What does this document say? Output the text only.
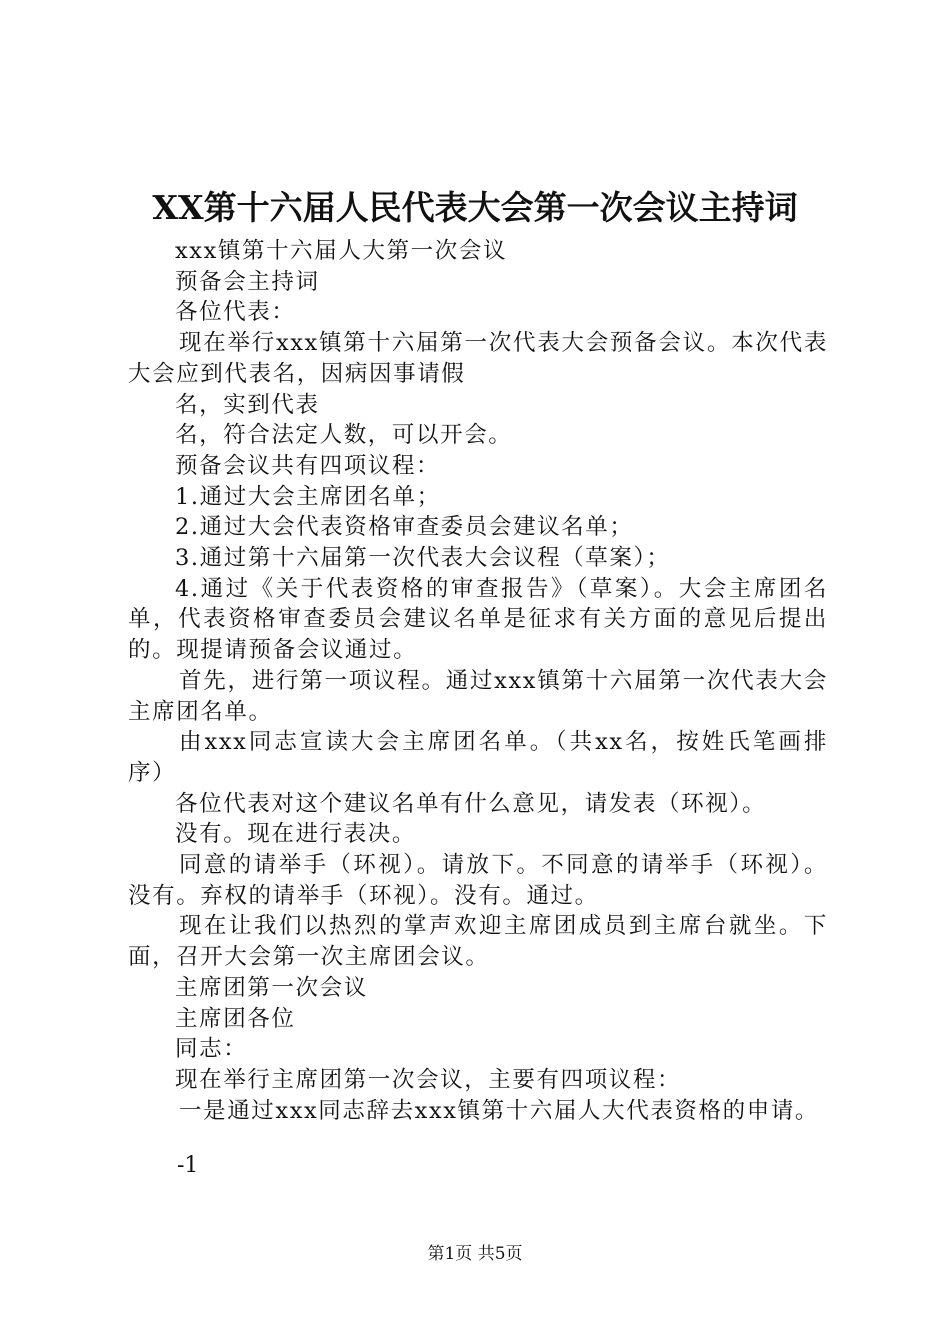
XX第十六届人民代表大会第一次会议主持词

xxx镇第十六届人大第一次会议

预备会主持词

各位代表：

现在举行xxx镇第十六届第一次代表大会预备会议。本次代表大会应到代表名，因病因事请假

名，实到代表

名，符合法定人数，可以开会。

预备会议共有四项议程：

1.通过大会主席团名单；

2.通过大会代表资格审查委员会建议名单；

3.通过第十六届第一次代表大会议程（草案）；

4.通过《关于代表资格的审查报告》（草案）。大会主席团名单，代表资格审查委员会建议名单是征求有关方面的意见后提出的。现提请预备会议通过。

首先，进行第一项议程。通过xxx镇第十六届第一次代表大会主席团名单。

由xxx同志宣读大会主席团名单。（共xx名，按姓氏笔画排序）

各位代表对这个建议名单有什么意见，请发表（环视）。

没有。现在进行表决。

同意的请举手（环视）。请放下。不同意的请举手（环视）。没有。弃权的请举手（环视）。没有。通过。

现在让我们以热烈的掌声欢迎主席团成员到主席台就坐。下面，召开大会第一次主席团会议。

主席团第一次会议

主席团各位

同志：

现在举行主席团第一次会议，主要有四项议程：

一是通过xxx同志辞去xxx镇第十六届人大代表资格的申请。

-1
第1页 共5页
